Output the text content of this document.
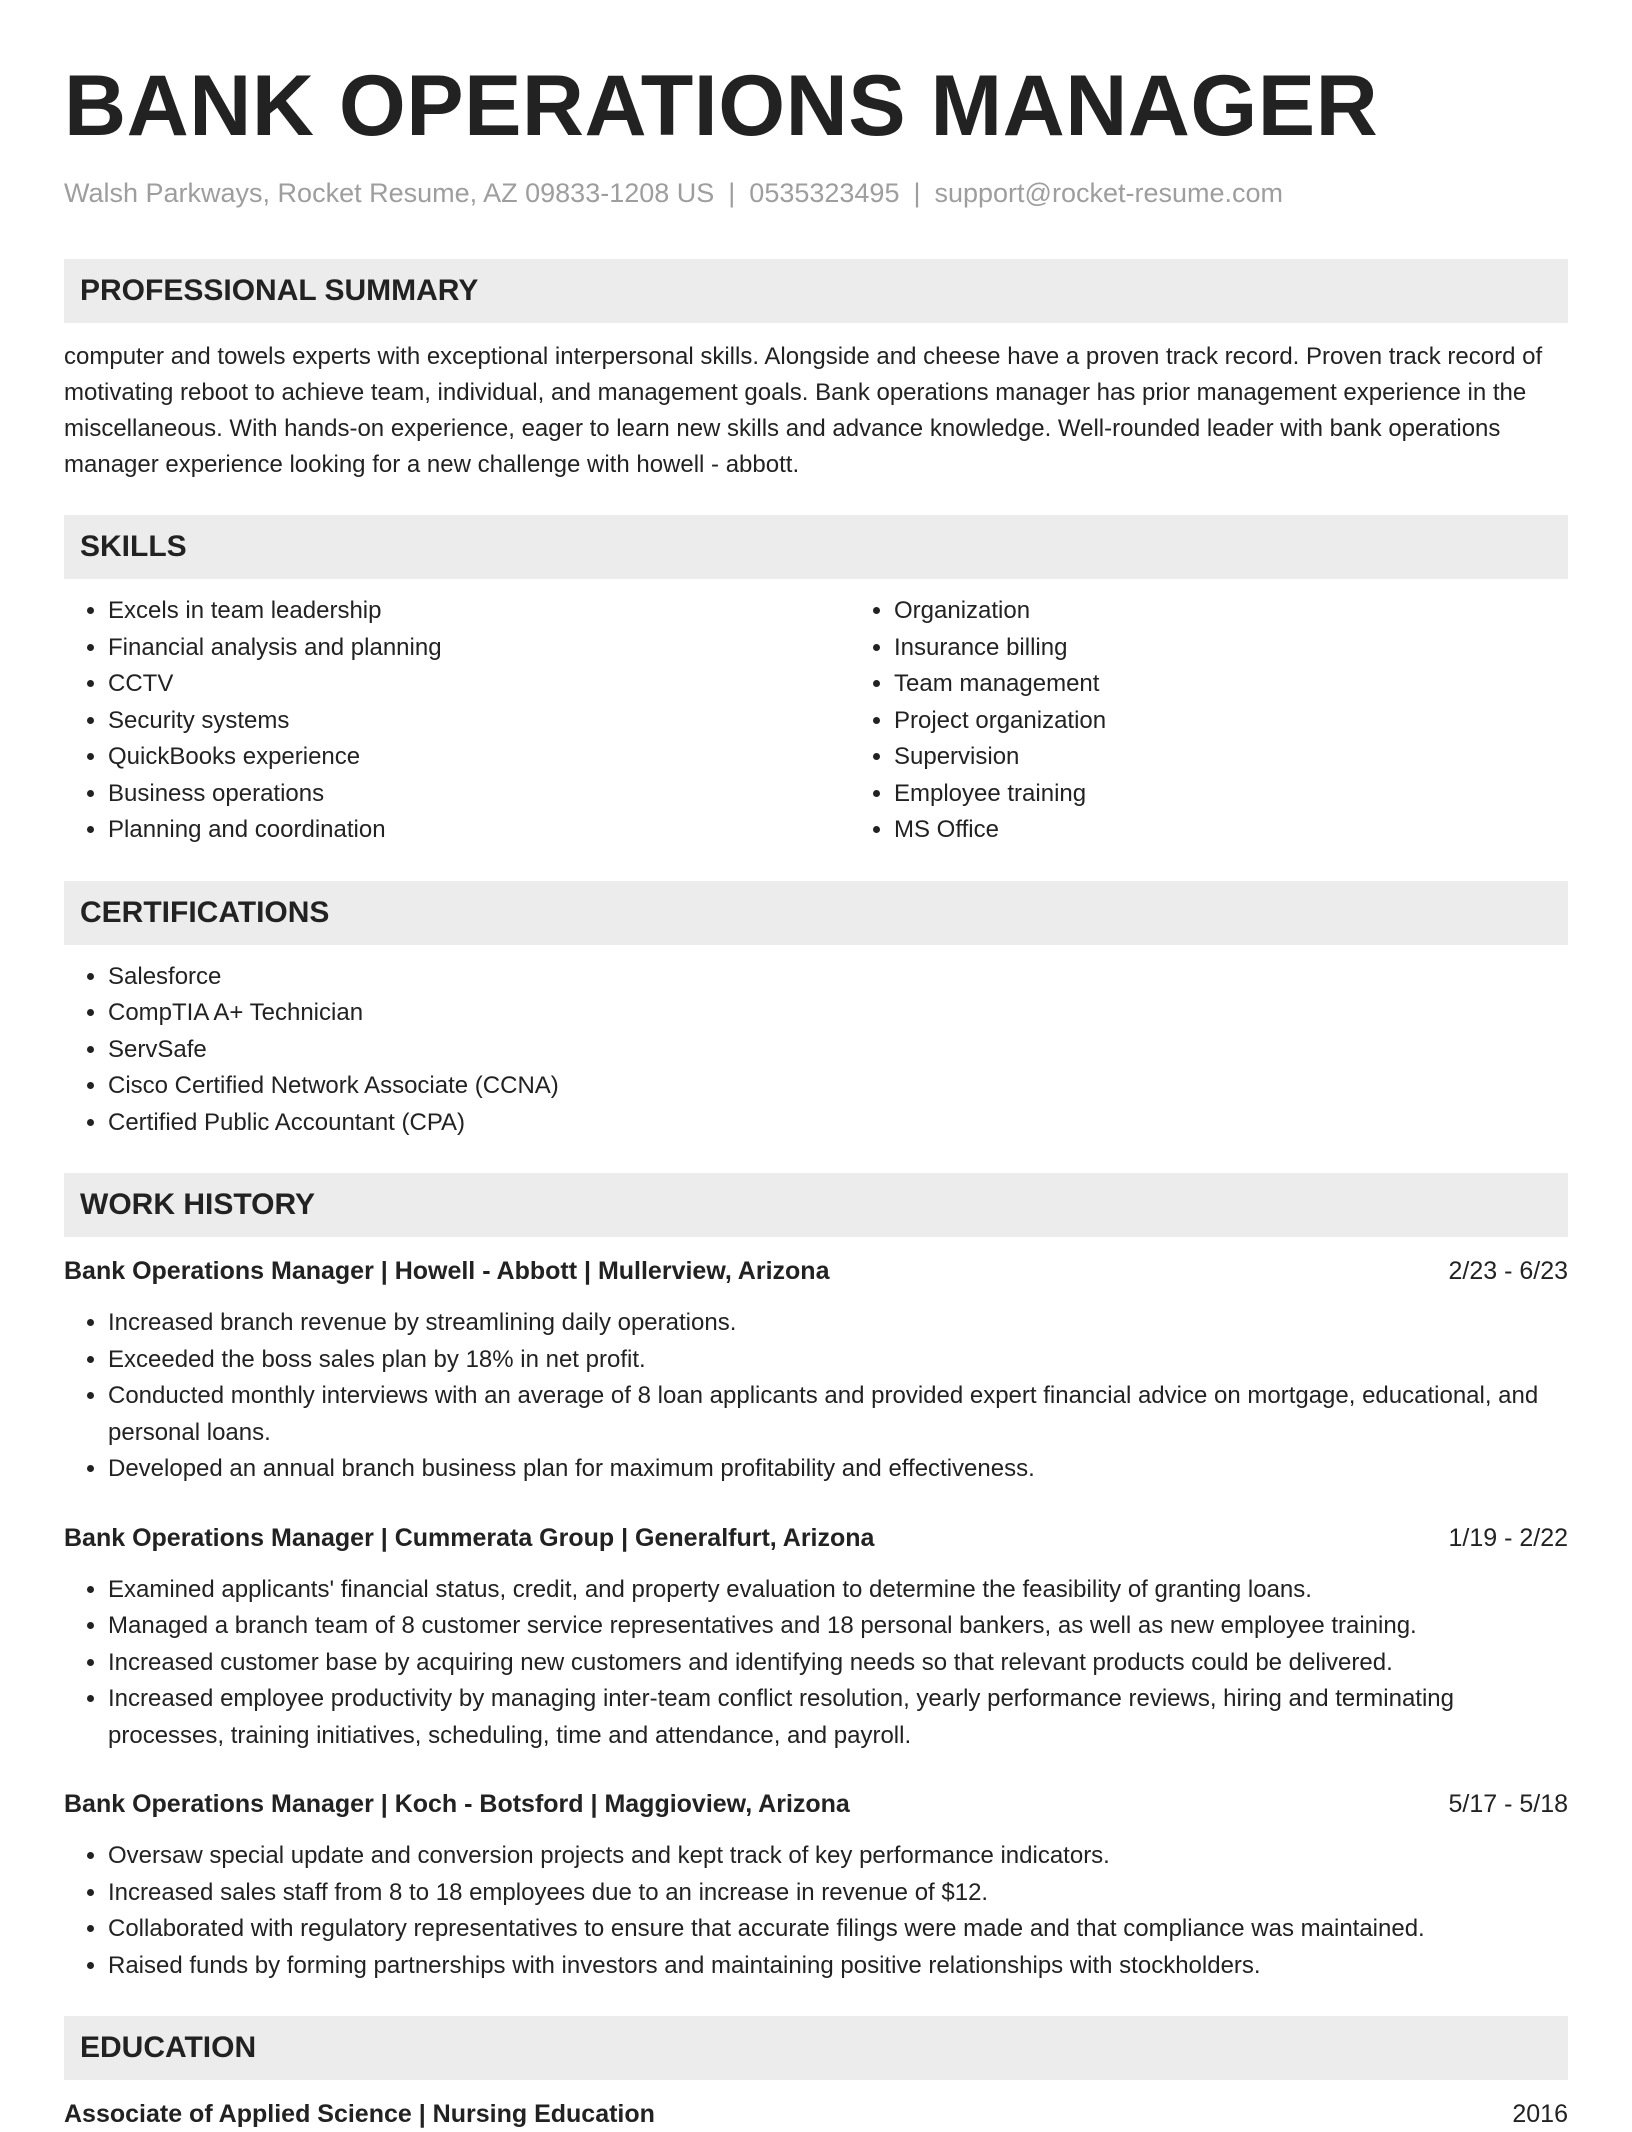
BANK OPERATIONS MANAGER
Walsh Parkways, Rocket Resume, AZ 09833-1208 US | 0535323495 | support@rocket-resume.com
PROFESSIONAL SUMMARY
computer and towels experts with exceptional interpersonal skills. Alongside and cheese have a proven track record. Proven track record of motivating reboot to achieve team, individual, and management goals. Bank operations manager has prior management experience in the miscellaneous. With hands-on experience, eager to learn new skills and advance knowledge. Well-rounded leader with bank operations manager experience looking for a new challenge with howell - abbott.
SKILLS
• Excels in team leadership
• Financial analysis and planning
• CCTV
• Security systems
• QuickBooks experience
• Business operations
• Planning and coordination
• Organization
• Insurance billing
• Team management
• Project organization
• Supervision
• Employee training
• MS Office
CERTIFICATIONS
• Salesforce
• CompTIA A+ Technician
• ServSafe
• Cisco Certified Network Associate (CCNA)
• Certified Public Accountant (CPA)
WORK HISTORY
Bank Operations Manager | Howell - Abbott | Mullerview, Arizona	2/23 - 6/23
• Increased branch revenue by streamlining daily operations.
• Exceeded the boss sales plan by 18% in net profit.
• Conducted monthly interviews with an average of 8 loan applicants and provided expert financial advice on mortgage, educational, and personal loans.
• Developed an annual branch business plan for maximum profitability and effectiveness.
Bank Operations Manager | Cummerata Group | Generalfurt, Arizona	1/19 - 2/22
• Examined applicants' financial status, credit, and property evaluation to determine the feasibility of granting loans.
• Managed a branch team of 8 customer service representatives and 18 personal bankers, as well as new employee training.
• Increased customer base by acquiring new customers and identifying needs so that relevant products could be delivered.
• Increased employee productivity by managing inter-team conflict resolution, yearly performance reviews, hiring and terminating processes, training initiatives, scheduling, time and attendance, and payroll.
Bank Operations Manager | Koch - Botsford | Maggioview, Arizona	5/17 - 5/18
• Oversaw special update and conversion projects and kept track of key performance indicators.
• Increased sales staff from 8 to 18 employees due to an increase in revenue of $12.
• Collaborated with regulatory representatives to ensure that accurate filings were made and that compliance was maintained.
• Raised funds by forming partnerships with investors and maintaining positive relationships with stockholders.
EDUCATION
Associate of Applied Science | Nursing Education	2016
